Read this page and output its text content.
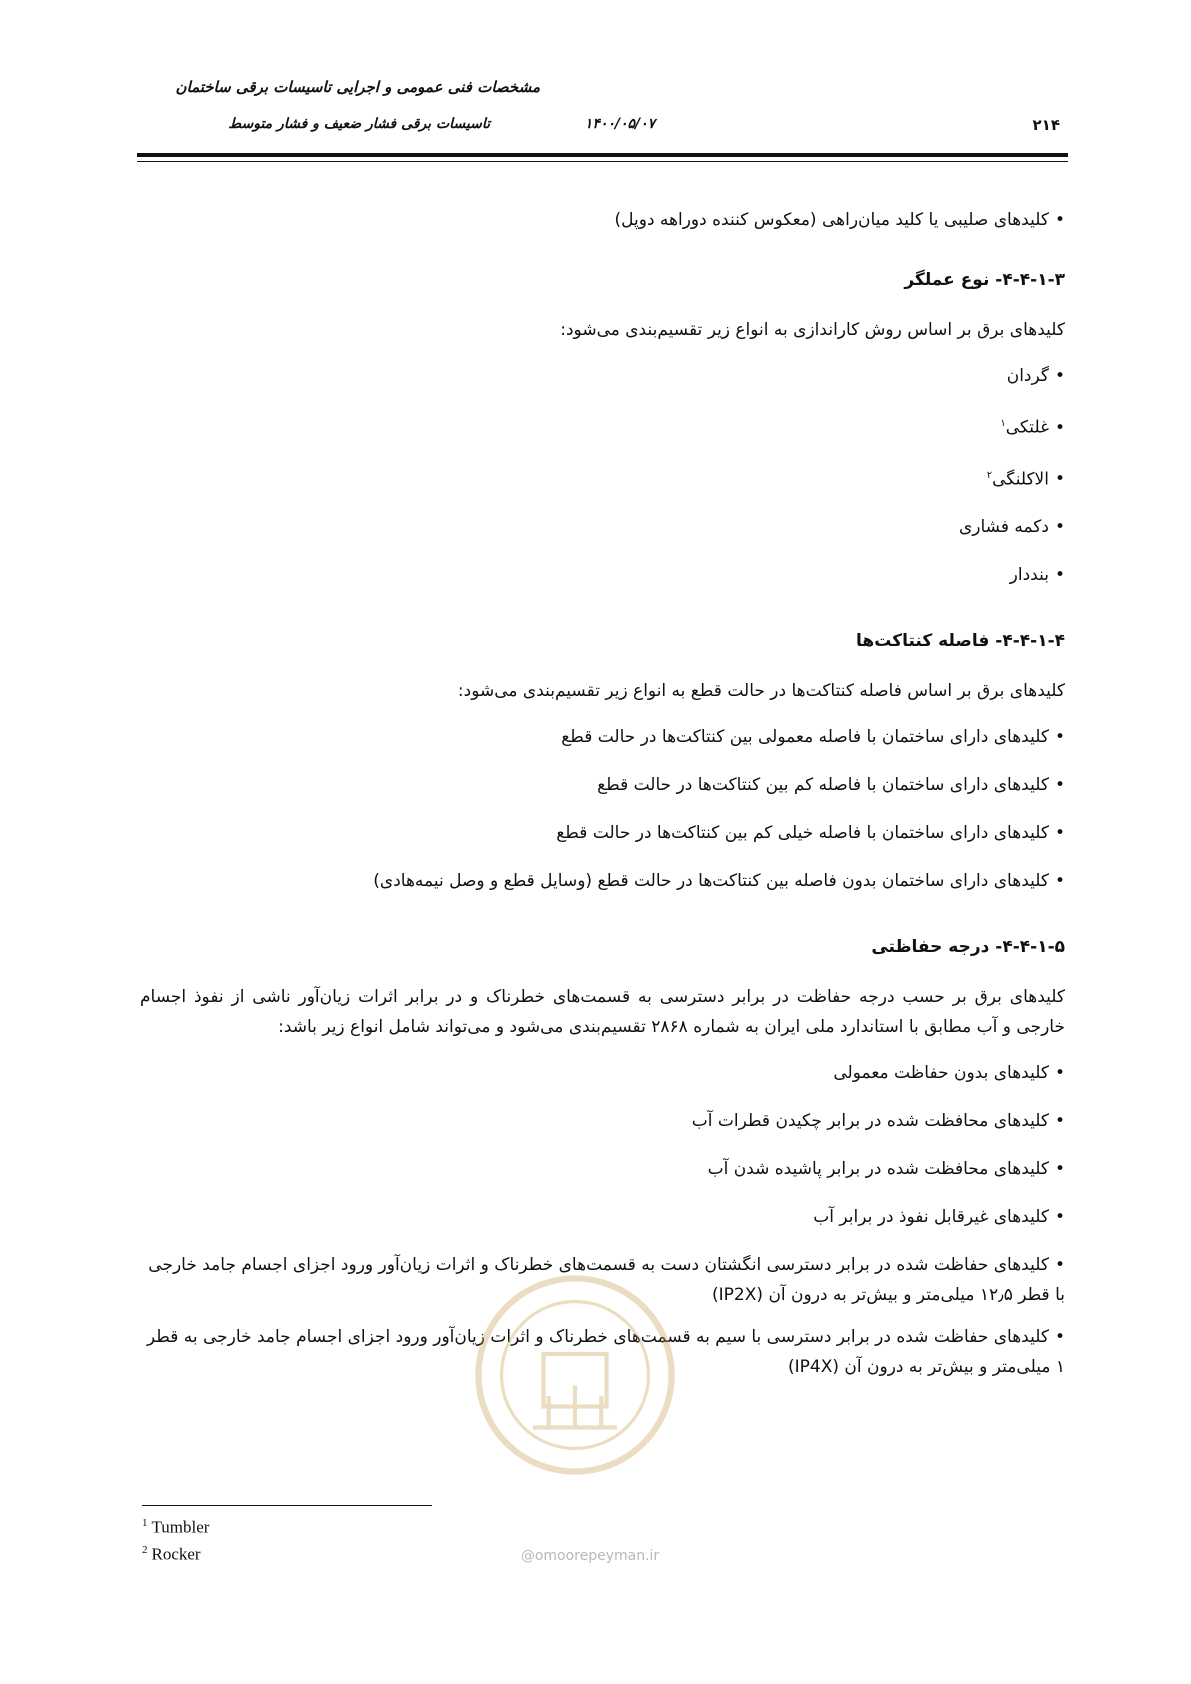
مشخصات فنی عمومی و اجرایی تاسیسات برقی ساختمان
تاسیسات برقی فشار ضعیف و فشار متوسط	۱۴۰۰/۰۵/۰۷	۲۱۴
•کلیدهای صلیبی یا کلید میان‌راهی (معکوس کننده دوراهه دوپل)
۴-۴-۱-۳- نوع عملگر
کلیدهای برق بر اساس روش کاراندازی به انواع زیر تقسیم‌بندی می‌شود:
•گردان
•غلتکی$^۱$
•الاکلنگی$^۲$
•دکمه فشاری
•بنددار
۴-۴-۱-۴- فاصله کنتاکت‌ها
کلیدهای برق بر اساس فاصله کنتاکت‌ها در حالت قطع به انواع زیر تقسیم‌بندی می‌شود:
•کلیدهای دارای ساختمان با فاصله معمولی بین کنتاکت‌ها در حالت قطع
•کلیدهای دارای ساختمان با فاصله کم بین کنتاکت‌ها در حالت قطع
•کلیدهای دارای ساختمان با فاصله خیلی کم بین کنتاکت‌ها در حالت قطع
•کلیدهای دارای ساختمان بدون فاصله بین کنتاکت‌ها در حالت قطع (وسایل قطع و وصل نیمه‌هادی)
۴-۴-۱-۵- درجه حفاظتی
کلیدهای برق بر حسب درجه حفاظت در برابر دسترسی به قسمت‌های خطرناک و در برابر اثرات زیان‌آور ناشی از نفوذ اجسام خارجی و آب مطابق با استاندارد ملی ایران به شماره ۲۸۶۸ تقسیم‌بندی می‌شود و می‌تواند شامل انواع زیر باشد:
•کلیدهای بدون حفاظت معمولی
•کلیدهای محافظت شده در برابر چکیدن قطرات آب
•کلیدهای محافظت شده در برابر پاشیده شدن آب
•کلیدهای غیرقابل نفوذ در برابر آب
•کلیدهای حفاظت شده در برابر دسترسی انگشتان دست به قسمت‌های خطرناک و اثرات زیان‌آور ورود اجزای اجسام جامد خارجی با قطر ۱۲٫۵ میلی‌متر و بیش‌تر به درون آن (IP2X)
•کلیدهای حفاظت شده در برابر دسترسی با سیم به قسمت‌های خطرناک و اثرات زیان‌آور ورود اجزای اجسام جامد خارجی به قطر ۱ میلی‌متر و بیش‌تر به درون آن (IP4X)
@omoorepeyman.ir
$^1$ Tumbler
$^2$ Rocker
